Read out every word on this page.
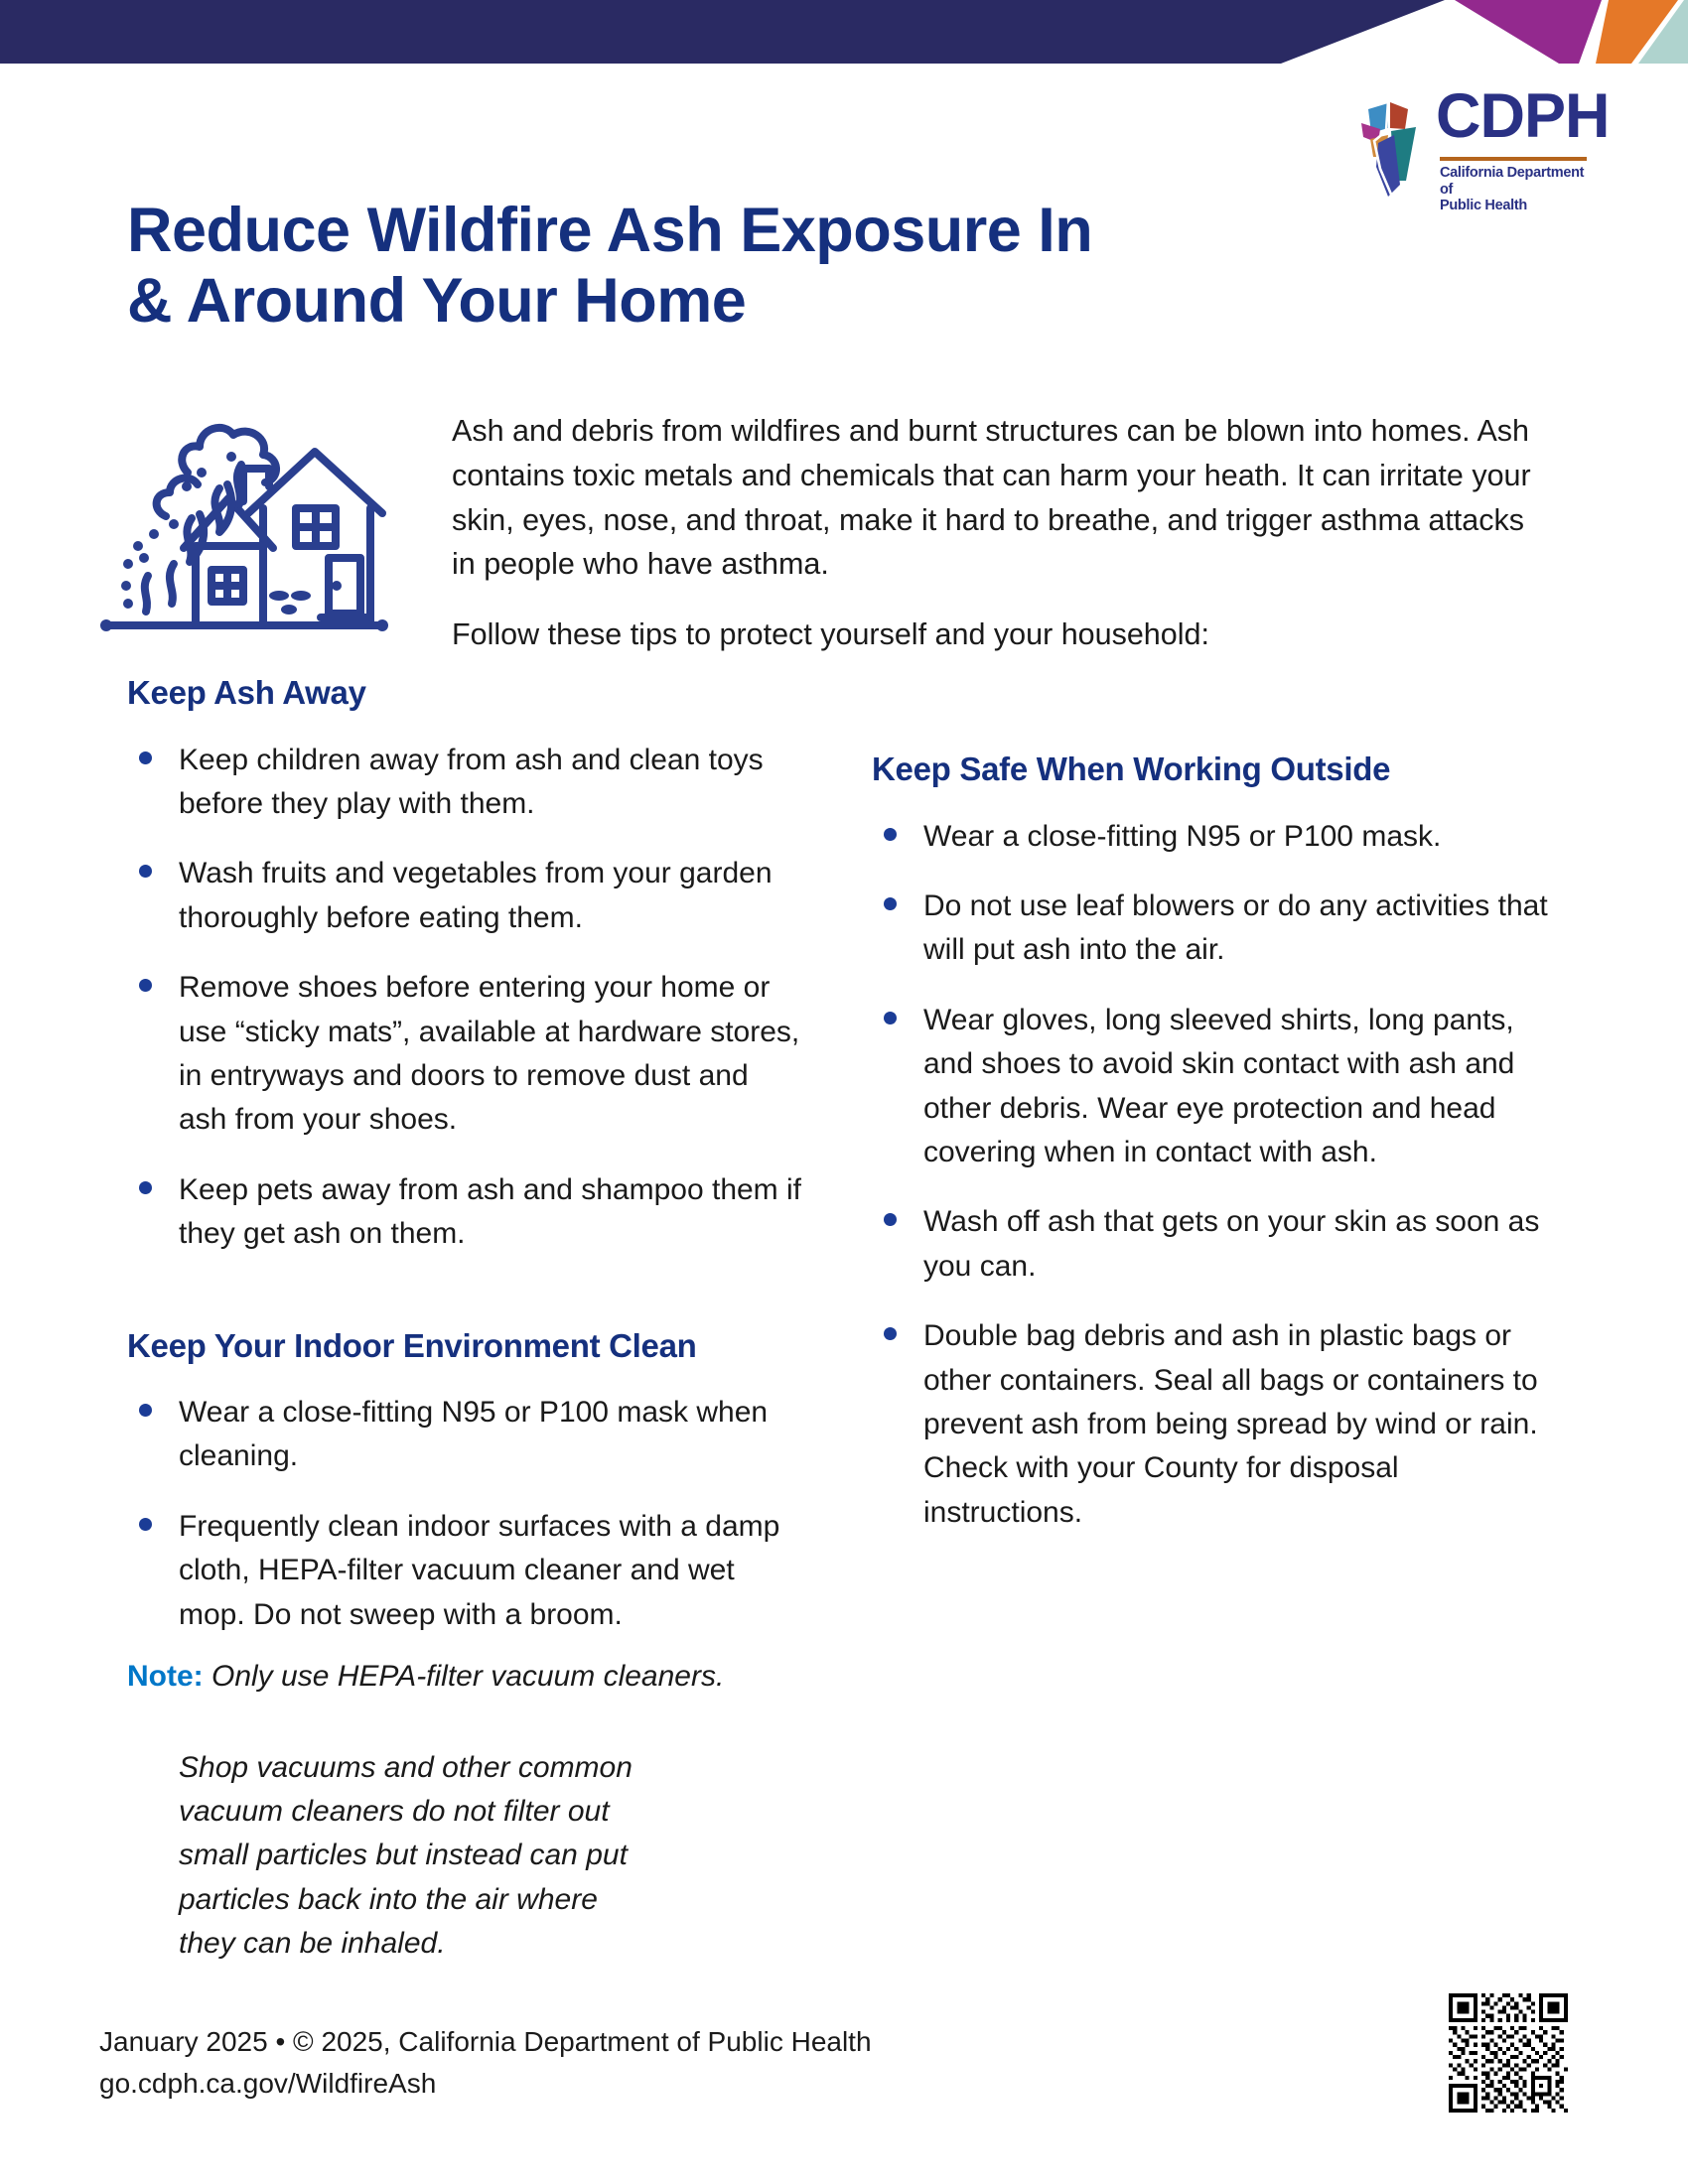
CDPH
California Department of
Public Health
Reduce Wildfire Ash Exposure In
& Around Your Home

Ash and debris from wildfires and burnt structures can be blown into homes. Ash contains toxic metals and chemicals that can harm your heath. It can irritate your skin, eyes, nose, and throat, make it hard to breathe, and trigger asthma attacks in people who have asthma.

Follow these tips to protect yourself and your household:

Keep Ash Away
Keep children away from ash and clean toys before they play with them.
Wash fruits and vegetables from your garden thoroughly before eating them.
Remove shoes before entering your home or use “sticky mats”, available at hardware stores, in entryways and doors to remove dust and ash from your shoes.
Keep pets away from ash and shampoo them if they get ash on them.
Keep Your Indoor Environment Clean
Wear a close-fitting N95 or P100 mask when cleaning.
Frequently clean indoor surfaces with a damp cloth, HEPA-filter vacuum cleaner and wet mop. Do not sweep with a broom.

Note: Only use HEPA-filter vacuum cleaners.

Shop vacuums and other common vacuum cleaners do not filter out small particles but instead can put particles back into the air where they can be inhaled.

Keep Safe When Working Outside
Wear a close-fitting N95 or P100 mask.
Do not use leaf blowers or do any activities that will put ash into the air.
Wear gloves, long sleeved shirts, long pants, and shoes to avoid skin contact with ash and other debris. Wear eye protection and head covering when in contact with ash.
Wash off ash that gets on your skin as soon as you can.
Double bag debris and ash in plastic bags or other containers. Seal all bags or containers to prevent ash from being spread by wind or rain. Check with your County for disposal instructions.
January 2025 • © 2025, California Department of Public Health
go.cdph.ca.gov/WildfireAsh
